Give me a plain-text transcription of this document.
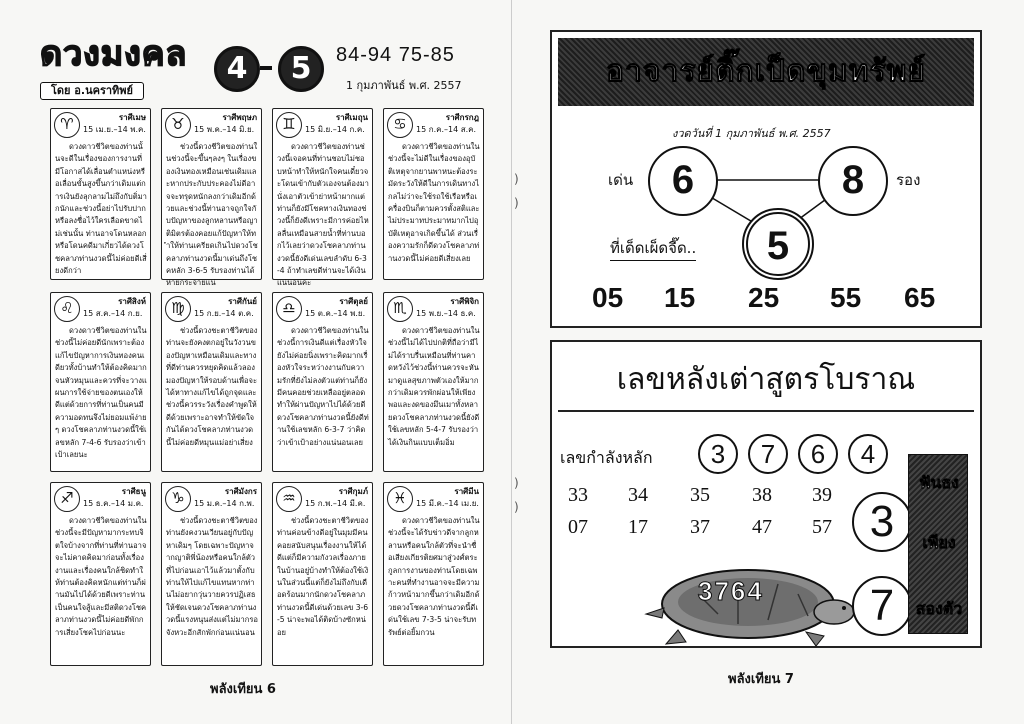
ดวงมงคล
โดย อ.นคราทิพย์
4	5	84-94 75-85
1 กุมภาพันธ์ พ.ศ. 2557
♈	ราศีเมษ
15 เม.ย.–14 พ.ค.
ดวงดาวชีวิตของท่านนั้นจะดีในเรื่องของการงานที่มีโอกาสได้เลื่อนตำแหน่งหรือเลื่อนขั้นสูงขึ้นกว่าเดิมแต่การเงินยังลุกลามไม่ถึงกับติ่มากนักและช่วงนี้อย่าไปรับปากหรือลงชื่อไว้ใครเลือดขาดไม่เช่นนั้น ท่านอาจโดนหลอกหรือโดนคดีมาเกี่ยวได้ดวงโชคลาภท่านงวดนี้ไม่ค่อยดีเสี่ยงดีกว่า
♉	ราศีพฤษภ
15 พ.ค.–14 มิ.ย.
ช่วงนี้ดวงชีวิตของท่านในช่วงนี้จะขึ้นๆลงๆ ในเรื่องของเงินทองเหมือนเช่นเดิมและหากประกับประคองไม่ดีอาจจะทรุดหนักลงกว่าเดิมอีกด้วยและช่วงนี้ท่านอาจถูกใจกับปัญหาของลูกหลานหรือญาติมิตรต้องคอยแก้ปัญหาให้ทำให้ท่านเครียดเกินไปดวงโชคลาภท่านงวดนี้มาเด่นถึงโชคหลัก 3-6-5 รับรองท่านได้หายกระจายแน่
♊	ราศีเมถุน
15 มิ.ย.–14 ก.ค.
ดวงดาวชีวิตของท่านช่วงนี้เจอคนที่ท่านชอบไม่ชอบหน้าทำให้หนักใจคนเดี๋ยวจะโดนเข้ากับตัวเองจนต้องมานั่งเอาตัวเข้าย่าหน้าผากแต่ท่านก็ยังมีโชคทางเงินทองช่วงนี้ก็ยังดีเพราะมีการค่อยไหลลื่นเหมือนสายน้ำที่ท่านบอกไว้เลยว่าดวงโชคลาภท่านงวดนี้ยังดีเด่นเลขลำดับ 6-3-4 ถ้าทำเลขดีท่านจะได้เงินแน่นอนค่ะ
♋	ราศีกรกฎ
15 ก.ค.–14 ส.ค.
ดวงดาวชีวิตของท่านในช่วงนี้จะไม่ดีในเรื่องของอุบัติเหตุจากยานพาหนะต้องระมัดระวังให้ดีในการเดินทางไกลไม่ว่าจะใช้รถใช้เรือหรือเครื่องบินก็ตามควรตั้งสติและไม่ประมาทประมาทมากไปอุบัติเหตุอาจเกิดขึ้นได้ ส่วนเรื่องความรักก็ดีดวงโชคลาภท่านงวดนี้ไม่ค่อยดีเสี่ยงเลย
♌	ราศีสิงห์
15 ส.ค.–14 ก.ย.
ดวงดาวชีวิตของท่านในช่วงนี้ไม่ค่อยดีนักเพราะต้องแก้ไขปัญหาการเงินทองคนเดียวทั้งบ้านทำให้ต้องคิดมากจนหัวหมุนและควรที่จะวางแผนการใช้จ่ายของตนเองให้ดีแต่ด้วยการที่ท่านเป็นคนมีความอดทนจึงไม่ยอมแพ้ง่ายๆ ดวงโชคลาภท่านงวดนี้ใช้เลขหลัก 7-4-6 รับรองว่าเข้าเป้าเลยนะ
♍	ราศีกันย์
15 ก.ย.–14 ต.ค.
ช่วงนี้ดวงชะตาชีวิตของท่านจะยังคงตกอยู่ในวังวนของปัญหาเหมือนเดิมและทางที่ดีท่านควรหยุดคิดแล้วลองมองปัญหาให้รอบด้านเพื่อจะได้หาทางแก้ไขได้ถูกจุดและช่วงนี้ควรระวังเรื่องคำพูดให้ดีด้วยเพราะอาจทำให้ขัดใจกันได้ดวงโชคลาภท่านงวดนี้ไม่ค่อยดีหมุนแม่อย่าเสี่ยง
♎	ราศีตุลย์
15 ต.ค.–14 พ.ย.
ดวงดาวชีวิตของท่านในช่วงนี้การเงินดีแต่เรื่องหัวใจยังไม่ค่อยนิ่งเพราะคิดมากเรื่องหัวใจระหว่างงานกับความรักที่ยังไม่ลงตัวแต่ท่านก็ยังมีคนคอยช่วยเหลืออยู่ตลอดทำให้ผ่านปัญหาไปได้ด้วยดีดวงโชคลาภท่านงวดนี้ยังดีท่านใช้เลขหลัก 6-3-7 ว่าคิดว่าเข้าเป้าอย่างแน่นอนเลย
♏	ราศีพิจิก
15 พ.ย.–14 ธ.ค.
ดวงดาวชีวิตของท่านในช่วงนี้ไม่ได้ไปปกติที่ถือว่ามีไม่ได้ราบรื่นเหมือนที่ท่านคาดหวังไว้ช่วงนี้ท่านควรจะหันมาดูแลสุขภาพตัวเองให้มากกว่าเดิมควรพักผ่อนให้เพียงพอและงดของมึนเมาทั้งหลายดวงโชคลาภท่านงวดนี้ยังดีใช้เลขหลัก 5-4-7 รับรองว่าได้เงินกินแบบเต็มอิ่ม
♐	ราศีธนู
15 ธ.ค.–14 ม.ค.
ดวงดาวชีวิตของท่านในช่วงนี้จะมีปัญหามากระทบจิตใจบ้างจากที่ท่านที่ท่านอาจจะไม่คาดคิดมาก่อนทั้งเรื่องงานและเรื่องคนใกล้ชิดทำให้ท่านต้องคิดหนักแต่ท่านก็ผ่านมันไปได้ด้วยดีเพราะท่านเป็นคนใจสู้และมีสติดวงโชคลาภท่านงวดนี้ไม่ค่อยดีพักการเสี่ยงโชคไปก่อนนะ
♑	ราศีมังกร
15 ม.ค.–14 ก.พ.
ช่วงนี้ดวงชะตาชีวิตของท่านยังคงวนเวียนอยู่กับปัญหาเดิมๆ โดยเฉพาะปัญหาจากญาติพี่น้องหรือคนใกล้ตัวที่ไปก่อนเอาไว้แล้วมาตั้งกับท่านให้ไปแก้ไขแทนหากท่านไม่อยากวุ่นวายควรปฏิเสธให้ชัดเจนดวงโชคลาภท่านงวดนี้แรงหนุนส่งแต่ไม่มากรอจังหวะอีกสักพักก่อนแน่นอน
♒	ราศีกุมภ์
15 ก.พ.–14 มี.ค.
ช่วงนี้ดวงชะตาชีวิตของท่านค่อนข้างดีอยู่ในมุมมีคนคอยสนับสนุนเรื่องงานให้ได้ดีแต่ก็มีความกังวลเรื่องภายในบ้านอยู่บ้างทำให้ต้องใช้เงินในส่วนนี้แต่ก็ยังไม่ถึงกับเดือดร้อนมากนักดวงโชคลาภท่านงวดนี้ดีเด่นด้วยเลข 3-6-5 น่าจะพอได้ติดบ้างซักหน่อย
♓	ราศีมีน
15 มี.ค.–14 เม.ย.
ดวงดาวชีวิตของท่านในช่วงนี้จะได้รับข่าวดีจากลูกหลานหรือคนใกล้ตัวที่จะนำชื่อเสียงเกียรติยศมาสู่วงศ์ตระกูลการงานของท่านโดยเฉพาะคนที่ทำงานอาจจะมีความก้าวหน้ามากขึ้นกว่าเดิมอีกด้วยดวงโชคลาภท่านงวดนี้ดีเด่นใช้เลข 7-3-5 น่าจะรับทรัพย์ต่อยิ้มกวน
พลังเทียน 6
)
)
)
)
อาจารย์ติ๊กเป็ดขุมทรัพย์
งวดวันที่ 1 กุมภาพันธ์ พ.ศ. 2557
เด่น 6	8	รอง
ที่เด็ดเผ็ดจี๊ด..	5
05 15 25 55 65
เลขหลังเต่าสูตรโบราณ
เลขกำลังหลัก	3	7	6	4
33	34	35	38	39
07	17	37	47	57
3764
3
7
ฟันธง
เพียง
สองตัว
พลังเทียน 7
